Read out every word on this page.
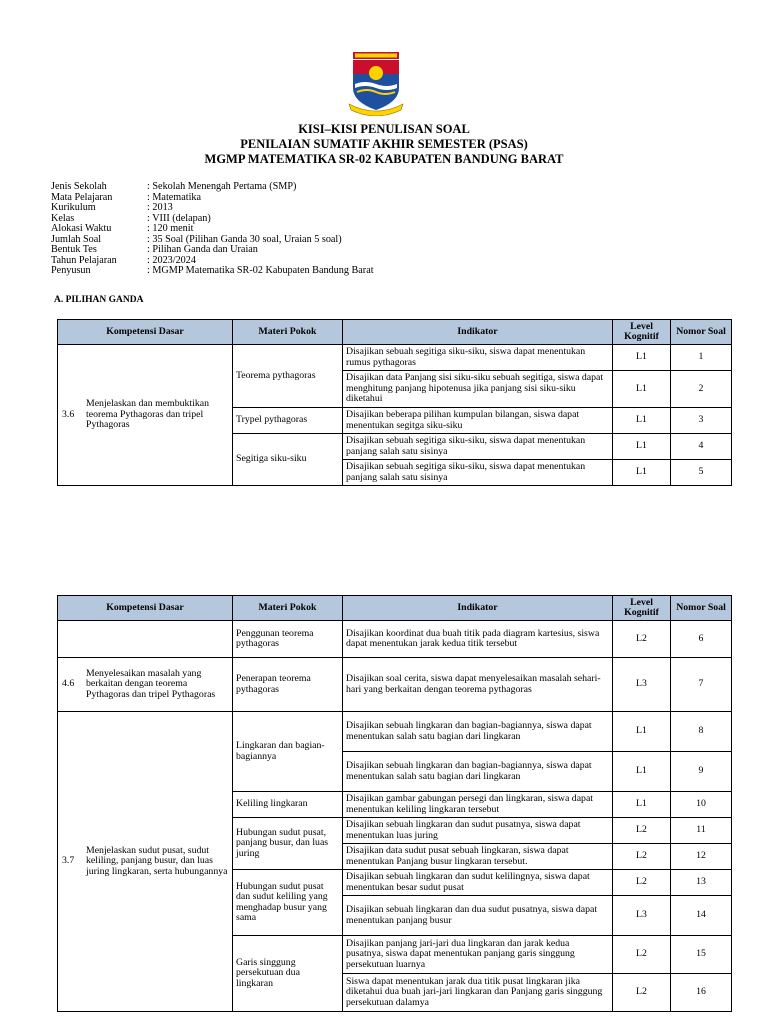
KISI–KISI PENULISAN SOAL
PENILAIAN SUMATIF AKHIR SEMESTER (PSAS)
MGMP MATEMATIKA SR-02 KABUPATEN BANDUNG BARAT
Jenis Sekolah	: Sekolah Menengah Pertama (SMP)
Mata Pelajaran	: Matematika
Kurikulum	: 2013
Kelas	: VIII (delapan)
Alokasi Waktu	: 120 menit
Jumlah Soal	: 35 Soal (Pilihan Ganda 30 soal, Uraian 5 soal)
Bentuk Tes	: Pilihan Ganda dan Uraian
Tahun Pelajaran	: 2023/2024
Penyusun	: MGMP Matematika SR-02 Kabupaten Bandung Barat
A. PILIHAN GANDA
Kompetensi Dasar	Materi Pokok	Indikator	Level Kognitif	Nomor Soal

3.6
Menjelaskan dan membuktikan teorema Pythagoras dan tripel Pythagoras	Teorema pythagoras	Disajikan sebuah segitiga siku-siku, siswa dapat menentukan rumus pythagoras	L1	1
		Disajikan data Panjang sisi siku-siku sebuah segitiga, siswa dapat menghitung panjang hipotenusa jika panjang sisi siku-siku diketahui	L1	2
	Trypel pythagoras	Disajikan beberapa pilihan kumpulan bilangan, siswa dapat menentukan segitga siku-siku	L1	3
	Segitiga siku-siku	Disajikan sebuah segitiga siku-siku, siswa dapat menentukan panjang salah satu sisinya	L1	4
		Disajikan sebuah segitiga siku-siku, siswa dapat menentukan panjang salah satu sisinya	L1	5
Kompetensi Dasar	Materi Pokok	Indikator	Level Kognitif	Nomor Soal
	Penggunan teorema pythagoras	Disajikan koordinat dua buah titik pada diagram kartesius, siswa dapat menentukan jarak kedua titik tersebut	L2	6

4.6
Menyelesaikan masalah yang berkaitan dengan teorema Pythagoras dan tripel Pythagoras	Penerapan teorema pythagoras	Disajikan soal cerita, siswa dapat menyelesaikan masalah sehari-hari yang berkaitan dengan teorema pythagoras	L3	7

3.7
Menjelaskan sudut pusat, sudut keliling, panjang busur, dan luas juring lingkaran, serta hubungannya	Lingkaran dan bagian-bagiannya	Disajikan sebuah lingkaran dan bagian-bagiannya, siswa dapat menentukan salah satu bagian dari lingkaran	L1	8
		Disajikan sebuah lingkaran dan bagian-bagiannya, siswa dapat menentukan salah satu bagian dari lingkaran	L1	9
	Keliling lingkaran	Disajikan gambar gabungan persegi dan lingkaran, siswa dapat menentukan keliling lingkaran tersebut	L1	10
	Hubungan sudut pusat, panjang busur, dan luas juring	Disajikan sebuah lingkaran dan sudut pusatnya, siswa dapat menentukan luas juring	L2	11
		Disajikan data sudut pusat sebuah lingkaran, siswa dapat menentukan Panjang busur lingkaran tersebut.	L2	12
	Hubungan sudut pusat dan sudut keliling yang menghadap busur yang sama	Disajikan sebuah lingkaran dan sudut kelilingnya, siswa dapat menentukan besar sudut pusat	L2	13
		Disajikan sebuah lingkaran dan dua sudut pusatnya, siswa dapat menentukan panjang busur	L3	14
	Garis singgung persekutuan dua lingkaran	Disajikan panjang jari-jari dua lingkaran dan jarak kedua pusatnya, siswa dapat menentukan panjang garis singgung persekutuan luarnya	L2	15
		Siswa dapat menentukan jarak dua titik pusat lingkaran jika diketahui dua buah jari-jari lingkaran dan Panjang garis singgung persekutuan dalamya	L2	16
